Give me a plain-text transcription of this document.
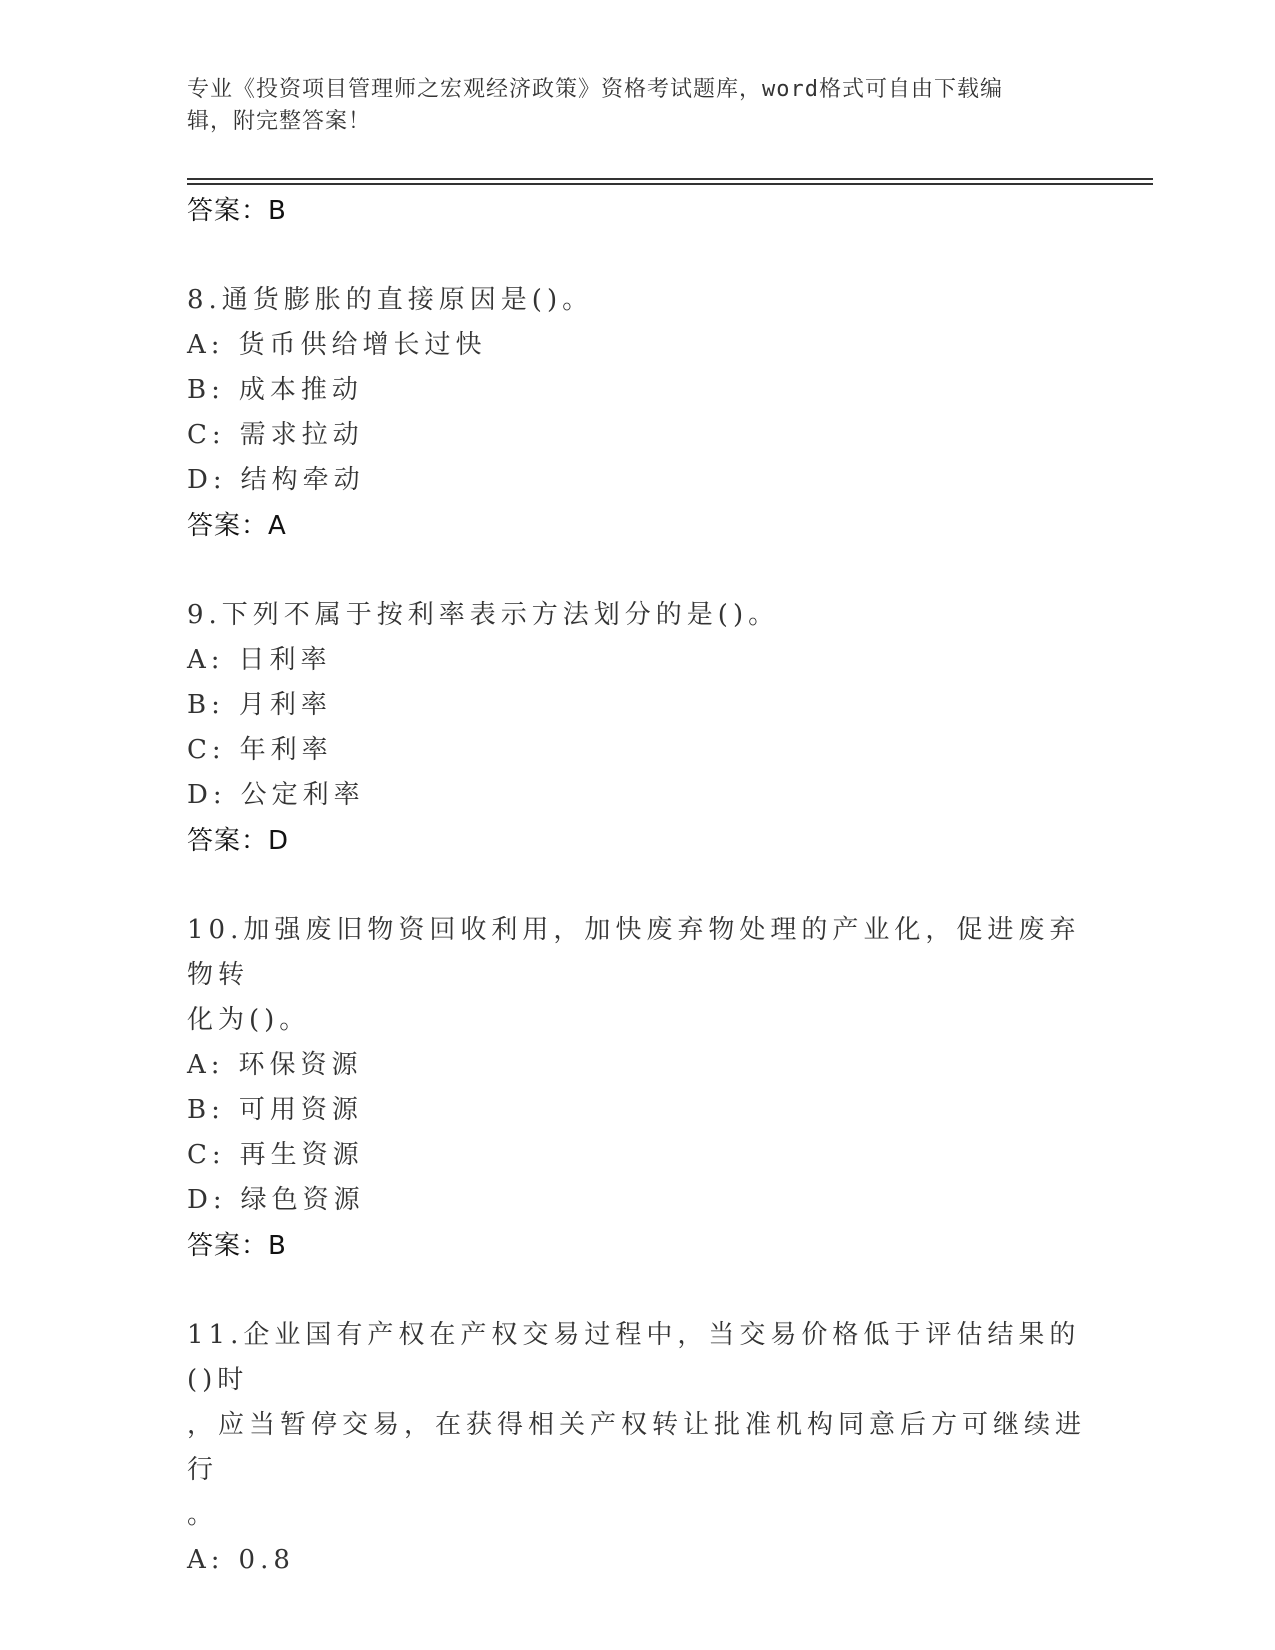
专业《投资项目管理师之宏观经济政策》资格考试题库，word格式可自由下载编
辑，附完整答案！
答案：B
8.通货膨胀的直接原因是()。
A: 货币供给增长过快
B: 成本推动
C: 需求拉动
D: 结构牵动
答案：A
9.下列不属于按利率表示方法划分的是()。
A: 日利率
B: 月利率
C: 年利率
D: 公定利率
答案：D
10.加强废旧物资回收利用，加快废弃物处理的产业化，促进废弃物转
化为()。
A: 环保资源
B: 可用资源
C: 再生资源
D: 绿色资源
答案：B
11.企业国有产权在产权交易过程中，当交易价格低于评估结果的()时
，应当暂停交易，在获得相关产权转让批准机构同意后方可继续进行
。
A: 0.8
